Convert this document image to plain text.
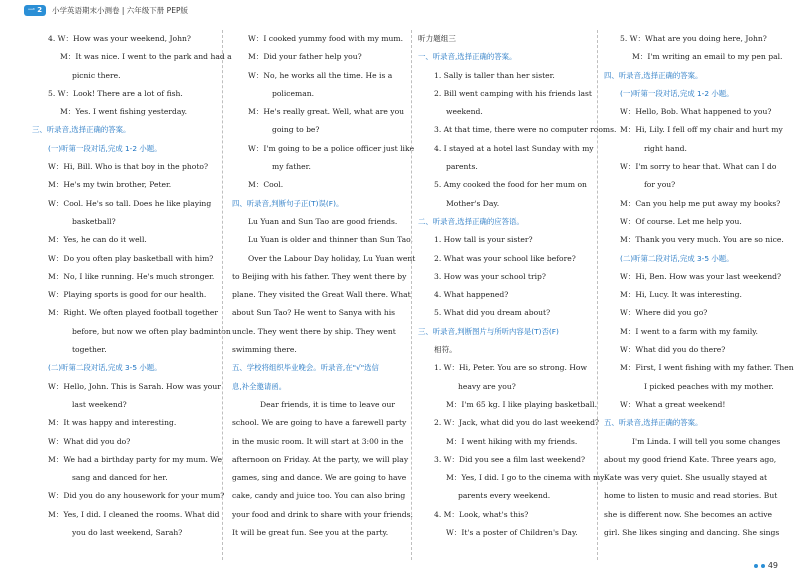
一 2	小学英语期末小测卷 | 六年级下册 PEP版
4. W：How was your weekend, John?
M：It was nice. I went to the park and had a
picnic there.
5. W：Look! There are a lot of fish.
M：Yes. I went fishing yesterday.
三、听录音,选择正确的答案。
(一)听第一段对话,完成 1-2 小题。
W：Hi, Bill. Who is that boy in the photo?
M：He's my twin brother, Peter.
W：Cool. He's so tall. Does he like playing
basketball?
M：Yes, he can do it well.
W：Do you often play basketball with him?
M：No, I like running. He's much stronger.
W：Playing sports is good for our health.
M：Right. We often played football together
before, but now we often play badminton
together.
(二)听第二段对话,完成 3-5 小题。
W：Hello, John. This is Sarah. How was your
last weekend?
M：It was happy and interesting.
W：What did you do?
M：We had a birthday party for my mum. We
sang and danced for her.
W：Did you do any housework for your mum?
M：Yes, I did. I cleaned the rooms. What did
you do last weekend, Sarah?
W：I cooked yummy food with my mum.
M：Did your father help you?
W：No, he works all the time. He is a
policeman.
M：He's really great. Well, what are you
going to be?
W：I'm going to be a police officer just like
my father.
M：Cool.
四、听录音,判断句子正(T)误(F)。
Lu Yuan and Sun Tao are good friends.
Lu Yuan is older and thinner than Sun Tao.
Over the Labour Day holiday, Lu Yuan went
to Beijing with his father. They went there by
plane. They visited the Great Wall there. What
about Sun Tao? He went to Sanya with his
uncle. They went there by ship. They went
swimming there.
五、学校将组织毕业晚会。听录音,在"√"选信
息,补全邀请函。
Dear friends, it is time to leave our
school. We are going to have a farewell party
in the music room. It will start at 3:00 in the
afternoon on Friday. At the party, we will play
games, sing and dance. We are going to have
cake, candy and juice too. You can also bring
your food and drink to share with your friends.
It will be great fun. See you at the party.
听力题组三
一、听录音,选择正确的答案。
1. Sally is taller than her sister.
2. Bill went camping with his friends last
weekend.
3. At that time, there were no computer rooms.
4. I stayed at a hotel last Sunday with my
parents.
5. Amy cooked the food for her mum on
Mother's Day.
二、听录音,选择正确的应答语。
1. How tall is your sister?
2. What was your school like before?
3. How was your school trip?
4. What happened?
5. What did you dream about?
三、听录音,判断图片与所听内容是(T)否(F)
相符。
1. W：Hi, Peter. You are so strong. How
heavy are you?
M：I'm 65 kg. I like playing basketball.
2. W：Jack, what did you do last weekend?
M：I went hiking with my friends.
3. W：Did you see a film last weekend?
M：Yes, I did. I go to the cinema with my
parents every weekend.
4. M：Look, what's this?
W：It's a poster of Children's Day.
5. W：What are you doing here, John?
M：I'm writing an email to my pen pal.
四、听录音,选择正确的答案。
(一)听第一段对话,完成 1-2 小题。
W：Hello, Bob. What happened to you?
M：Hi, Lily. I fell off my chair and hurt my
right hand.
W：I'm sorry to hear that. What can I do
for you?
M：Can you help me put away my books?
W：Of course. Let me help you.
M：Thank you very much. You are so nice.
(二)听第二段对话,完成 3-5 小题。
W：Hi, Ben. How was your last weekend?
M：Hi, Lucy. It was interesting.
W：Where did you go?
M：I went to a farm with my family.
W：What did you do there?
M：First, I went fishing with my father. Then
I picked peaches with my mother.
W：What a great weekend!
五、听录音,选择正确的答案。
I'm Linda. I will tell you some changes
about my good friend Kate. Three years ago,
Kate was very quiet. She usually stayed at
home to listen to music and read stories. But
she is different now. She becomes an active
girl. She likes singing and dancing. She sings
49
